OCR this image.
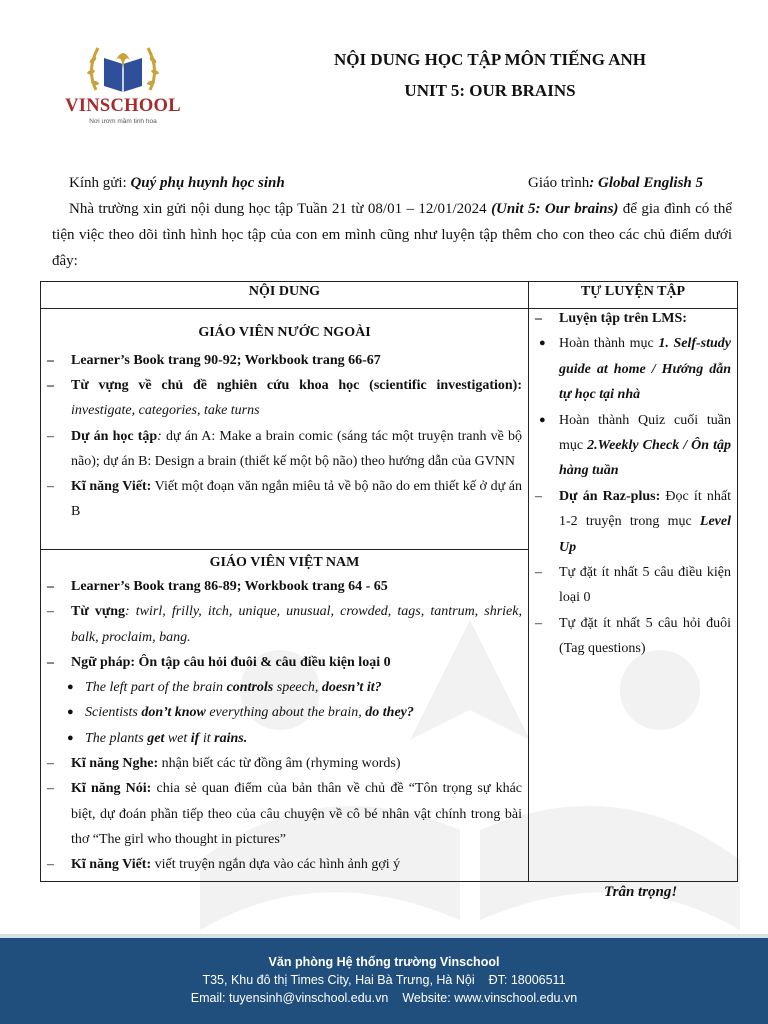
VINSCHOOL
Nơi ươm mầm tinh hoa
NỘI DUNG HỌC TẬP MÔN TIẾNG ANH
UNIT 5: OUR BRAINS
Kính gửi: Quý phụ huynh học sinh	Giáo trình: Global English 5
Nhà trường xin gửi nội dung học tập Tuần 21 từ 08/01 – 12/01/2024 (Unit 5: Our brains) để gia đình có thể tiện việc theo dõi tình hình học tập của con em mình cũng như luyện tập thêm cho con theo các chủ điểm dưới đây:
NỘI DUNG	TỰ LUYỆN TẬP
GIÁO VIÊN NƯỚC NGOÀI
– Learner’s Book trang 90-92; Workbook trang 66-67
– Từ vựng về chủ đề nghiên cứu khoa học (scientific investigation): investigate, categories, take turns
– Dự án học tập: dự án A: Make a brain comic (sáng tác một truyện tranh về bộ não); dự án B: Design a brain (thiết kế một bộ não) theo hướng dẫn của GVNN
– Kĩ năng Viết: Viết một đoạn văn ngắn miêu tả về bộ não do em thiết kế ở dự án B
GIÁO VIÊN VIỆT NAM
– Learner’s Book trang 86-89; Workbook trang 64 - 65
– Từ vựng: twirl, frilly, itch, unique, unusual, crowded, tags, tantrum, shriek, balk, proclaim, bang.
– Ngữ pháp: Ôn tập câu hỏi đuôi & câu điều kiện loại 0
● The left part of the brain controls speech, doesn’t it?
● Scientists don’t know everything about the brain, do they?
● The plants get wet if it rains.
– Kĩ năng Nghe: nhận biết các từ đồng âm (rhyming words)
– Kĩ năng Nói: chia sẻ quan điểm của bản thân về chủ đề “Tôn trọng sự khác biệt, dự đoán phần tiếp theo của câu chuyện về cô bé nhân vật chính trong bài thơ “The girl who thought in pictures”
– Kĩ năng Viết: viết truyện ngắn dựa vào các hình ảnh gợi ý
– Luyện tập trên LMS:
● Hoàn thành mục 1. Self-study guide at home / Hướng dẫn tự học tại nhà
● Hoàn thành Quiz cuối tuần mục 2.Weekly Check / Ôn tập hàng tuần
– Dự án Raz-plus: Đọc ít nhất 1-2 truyện trong mục Level Up
– Tự đặt ít nhất 5 câu điều kiện loại 0
– Tự đặt ít nhất 5 câu hỏi đuôi (Tag questions)
Trân trọng!
Văn phòng Hệ thống trường Vinschool
T35, Khu đô thị Times City, Hai Bà Trưng, Hà Nội ĐT: 18006511
Email: tuyensinh@vinschool.edu.vn Website: www.vinschool.edu.vn
